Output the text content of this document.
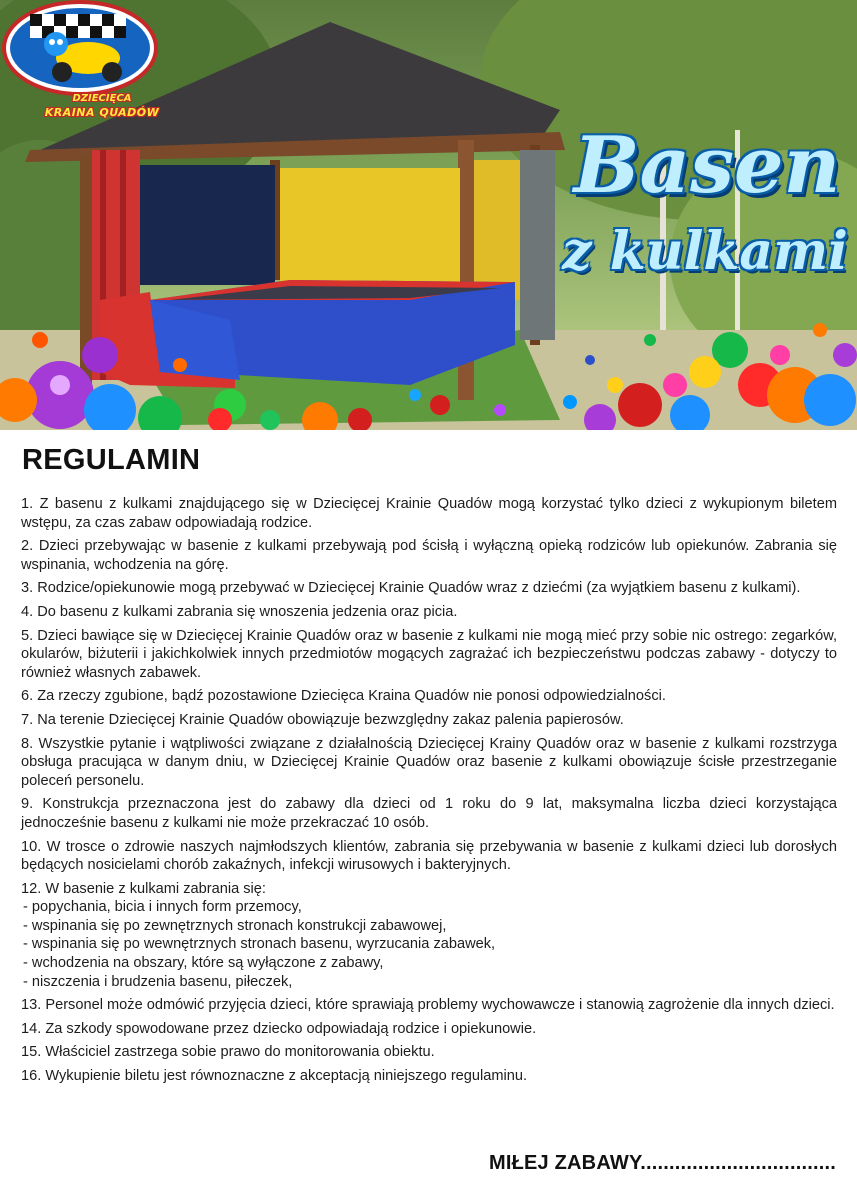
DZIECIĘCA
KRAINA QUADÓW
Basen
z kulkami
REGULAMIN

1. Z basenu z kulkami znajdującego się w Dziecięcej Krainie Quadów mogą korzystać tylko dzieci z wykupionym biletem wstępu, za czas zabaw odpowiadają rodzice.

2. Dzieci przebywając w basenie z kulkami przebywają pod ścisłą i wyłączną opieką rodziców lub opiekunów. Zabrania się wspinania, wchodzenia na górę.

3. Rodzice/opiekunowie mogą przebywać w Dziecięcej Krainie Quadów wraz z dziećmi (za wyjątkiem basenu z kulkami).

4. Do basenu z kulkami zabrania się wnoszenia jedzenia oraz picia.

5. Dzieci bawiące się w Dziecięcej Krainie Quadów oraz w basenie z kulkami nie mogą mieć przy sobie nic ostrego: zegarków, okularów, biżuterii i jakichkolwiek innych przedmiotów mogących zagrażać ich bezpieczeństwu podczas zabawy - dotyczy to również własnych zabawek.

6. Za rzeczy zgubione, bądź pozostawione Dziecięca Kraina Quadów nie ponosi odpowiedzialności.

7. Na terenie Dziecięcej Krainie Quadów obowiązuje bezwzględny zakaz palenia papierosów.

8. Wszystkie pytanie i wątpliwości związane z działalnością Dziecięcej Krainy Quadów oraz w basenie z kulkami rozstrzyga obsługa pracująca w danym dniu, w Dziecięcej Krainie Quadów oraz basenie z kulkami obowiązuje ścisłe przestrzeganie poleceń personelu.

9. Konstrukcja przeznaczona jest do zabawy dla dzieci od 1 roku do 9 lat, maksymalna liczba dzieci korzystająca jednocześnie basenu z kulkami nie może przekraczać 10 osób.

10. W trosce o zdrowie naszych najmłodszych klientów, zabrania się przebywania w basenie z kulkami dzieci lub dorosłych będących nosicielami chorób zakaźnych, infekcji wirusowych i bakteryjnych.

12. W basenie z kulkami zabrania się:

- popychania, bicia i innych form przemocy,

- wspinania się po zewnętrznych stronach konstrukcji zabawowej,

- wspinania się po wewnętrznych stronach basenu, wyrzucania zabawek,

- wchodzenia na obszary, które są wyłączone z zabawy,

- niszczenia i brudzenia basenu, piłeczek,

13. Personel może odmówić przyjęcia dzieci, które sprawiają problemy wychowawcze i stanowią zagrożenie dla innych dzieci.

14. Za szkody spowodowane przez dziecko odpowiadają rodzice i opiekunowie.

15. Właściciel zastrzega sobie prawo do monitorowania obiektu.

16. Wykupienie biletu jest równoznaczne z akceptacją niniejszego regulaminu.

MIŁEJ ZABAWY..................................
